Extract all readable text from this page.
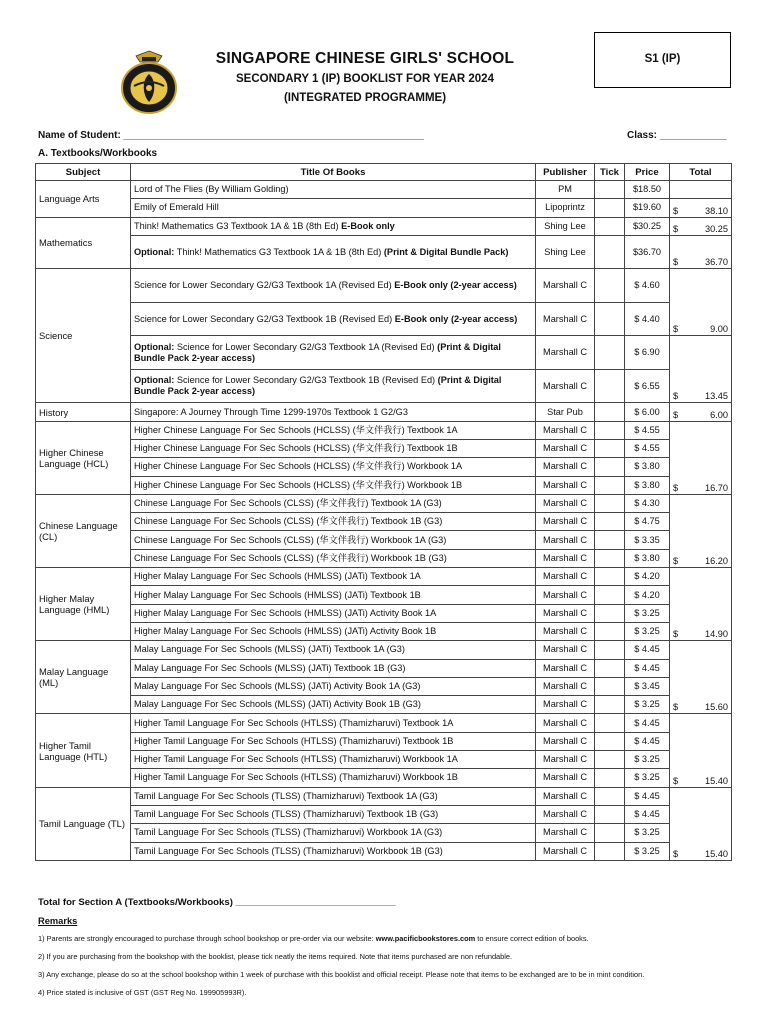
SINGAPORE CHINESE GIRLS' SCHOOL
SECONDARY 1 (IP) BOOKLIST FOR YEAR 2024
(INTEGRATED PROGRAMME)
S1 (IP)
Name of Student: ______________________________________________________	Class: ____________
A. Textbooks/Workbooks
Subject	Title Of Books	Publisher	Tick	Price	Total
Language Arts	Lord of The Flies (By William Golding)	PM		$18.50	
	Emily of Emerald Hill	Lipoprintz		$19.60	$ 38.10

Mathematics	Think! Mathematics G3 Textbook 1A & 1B (8th Ed) E-Book only	Shing Lee		$30.25	$ 30.25

	Optional: Think! Mathematics G3 Textbook 1A & 1B (8th Ed) (Print & Digital Bundle Pack)	Shing Lee		$36.70	$ 36.70

Science	Science for Lower Secondary G2/G3 Textbook 1A (Revised Ed) E-Book only (2-year access)	Marshall C		$ 4.60	$ 9.00

	Science for Lower Secondary G2/G3 Textbook 1B (Revised Ed) E-Book only (2-year access)	Marshall C		$ 4.40	
	Optional: Science for Lower Secondary G2/G3 Textbook 1A (Revised Ed) (Print & Digital Bundle Pack 2-year access)	Marshall C		$ 6.90	$ 13.45

	Optional: Science for Lower Secondary G2/G3 Textbook 1B (Revised Ed) (Print & Digital Bundle Pack 2-year access)	Marshall C		$ 6.55	
History	Singapore: A Journey Through Time 1299-1970s Textbook 1 G2/G3	Star Pub		$ 6.00	$ 6.00

Higher Chinese Language (HCL)	Higher Chinese Language For Sec Schools (HCLSS) (华文伴我行) Textbook 1A	Marshall C		$ 4.55	$ 16.70

	Higher Chinese Language For Sec Schools (HCLSS) (华文伴我行) Textbook 1B	Marshall C		$ 4.55	
	Higher Chinese Language For Sec Schools (HCLSS) (华文伴我行) Workbook 1A	Marshall C		$ 3.80	
	Higher Chinese Language For Sec Schools (HCLSS) (华文伴我行) Workbook 1B	Marshall C		$ 3.80	
Chinese Language (CL)	Chinese Language For Sec Schools (CLSS) (华文伴我行) Textbook 1A (G3)	Marshall C		$ 4.30	$ 16.20

	Chinese Language For Sec Schools (CLSS) (华文伴我行) Textbook 1B (G3)	Marshall C		$ 4.75	
	Chinese Language For Sec Schools (CLSS) (华文伴我行) Workbook 1A (G3)	Marshall C		$ 3.35	
	Chinese Language For Sec Schools (CLSS) (华文伴我行) Workbook 1B (G3)	Marshall C		$ 3.80	
Higher Malay Language (HML)	Higher Malay Language For Sec Schools (HMLSS) (JATi) Textbook 1A	Marshall C		$ 4.20	$ 14.90

	Higher Malay Language For Sec Schools (HMLSS) (JATi) Textbook 1B	Marshall C		$ 4.20	
	Higher Malay Language For Sec Schools (HMLSS) (JATi) Activity Book 1A	Marshall C		$ 3.25	
	Higher Malay Language For Sec Schools (HMLSS) (JATi) Activity Book 1B	Marshall C		$ 3.25	
Malay Language (ML)	Malay Language For Sec Schools (MLSS) (JATi) Textbook 1A (G3)	Marshall C		$ 4.45	$ 15.60

	Malay Language For Sec Schools (MLSS) (JATi) Textbook 1B (G3)	Marshall C		$ 4.45	
	Malay Language For Sec Schools (MLSS) (JATi) Activity Book 1A (G3)	Marshall C		$ 3.45	
	Malay Language For Sec Schools (MLSS) (JATi) Activity Book 1B (G3)	Marshall C		$ 3.25	
Higher Tamil Language (HTL)	Higher Tamil Language For Sec Schools (HTLSS) (Thamizharuvi) Textbook 1A	Marshall C		$ 4.45	$ 15.40

	Higher Tamil Language For Sec Schools (HTLSS) (Thamizharuvi) Textbook 1B	Marshall C		$ 4.45	
	Higher Tamil Language For Sec Schools (HTLSS) (Thamizharuvi) Workbook 1A	Marshall C		$ 3.25	
	Higher Tamil Language For Sec Schools (HTLSS) (Thamizharuvi) Workbook 1B	Marshall C		$ 3.25	
Tamil Language (TL)	Tamil Language For Sec Schools (TLSS) (Thamizharuvi) Textbook 1A (G3)	Marshall C		$ 4.45	$ 15.40

	Tamil Language For Sec Schools (TLSS) (Thamizharuvi) Textbook 1B (G3)	Marshall C		$ 4.45	
	Tamil Language For Sec Schools (TLSS) (Thamizharuvi) Workbook 1A (G3)	Marshall C		$ 3.25	
	Tamil Language For Sec Schools (TLSS) (Thamizharuvi) Workbook 1B (G3)	Marshall C		$ 3.25	
Total for Section A (Textbooks/Workbooks) ______________________________
Remarks
1) Parents are strongly encouraged to purchase through school bookshop or pre-order via our website: www.pacificbookstores.com to ensure correct edition of books.
2) If you are purchasing from the bookshop with the booklist, please tick neatly the items required. Note that items purchased are non refundable.
3) Any exchange, please do so at the school bookshop within 1 week of purchase with this booklist and official receipt. Please note that items to be exchanged are to be in mint condition.
4) Price stated is inclusive of GST (GST Reg No. 199905993R).
